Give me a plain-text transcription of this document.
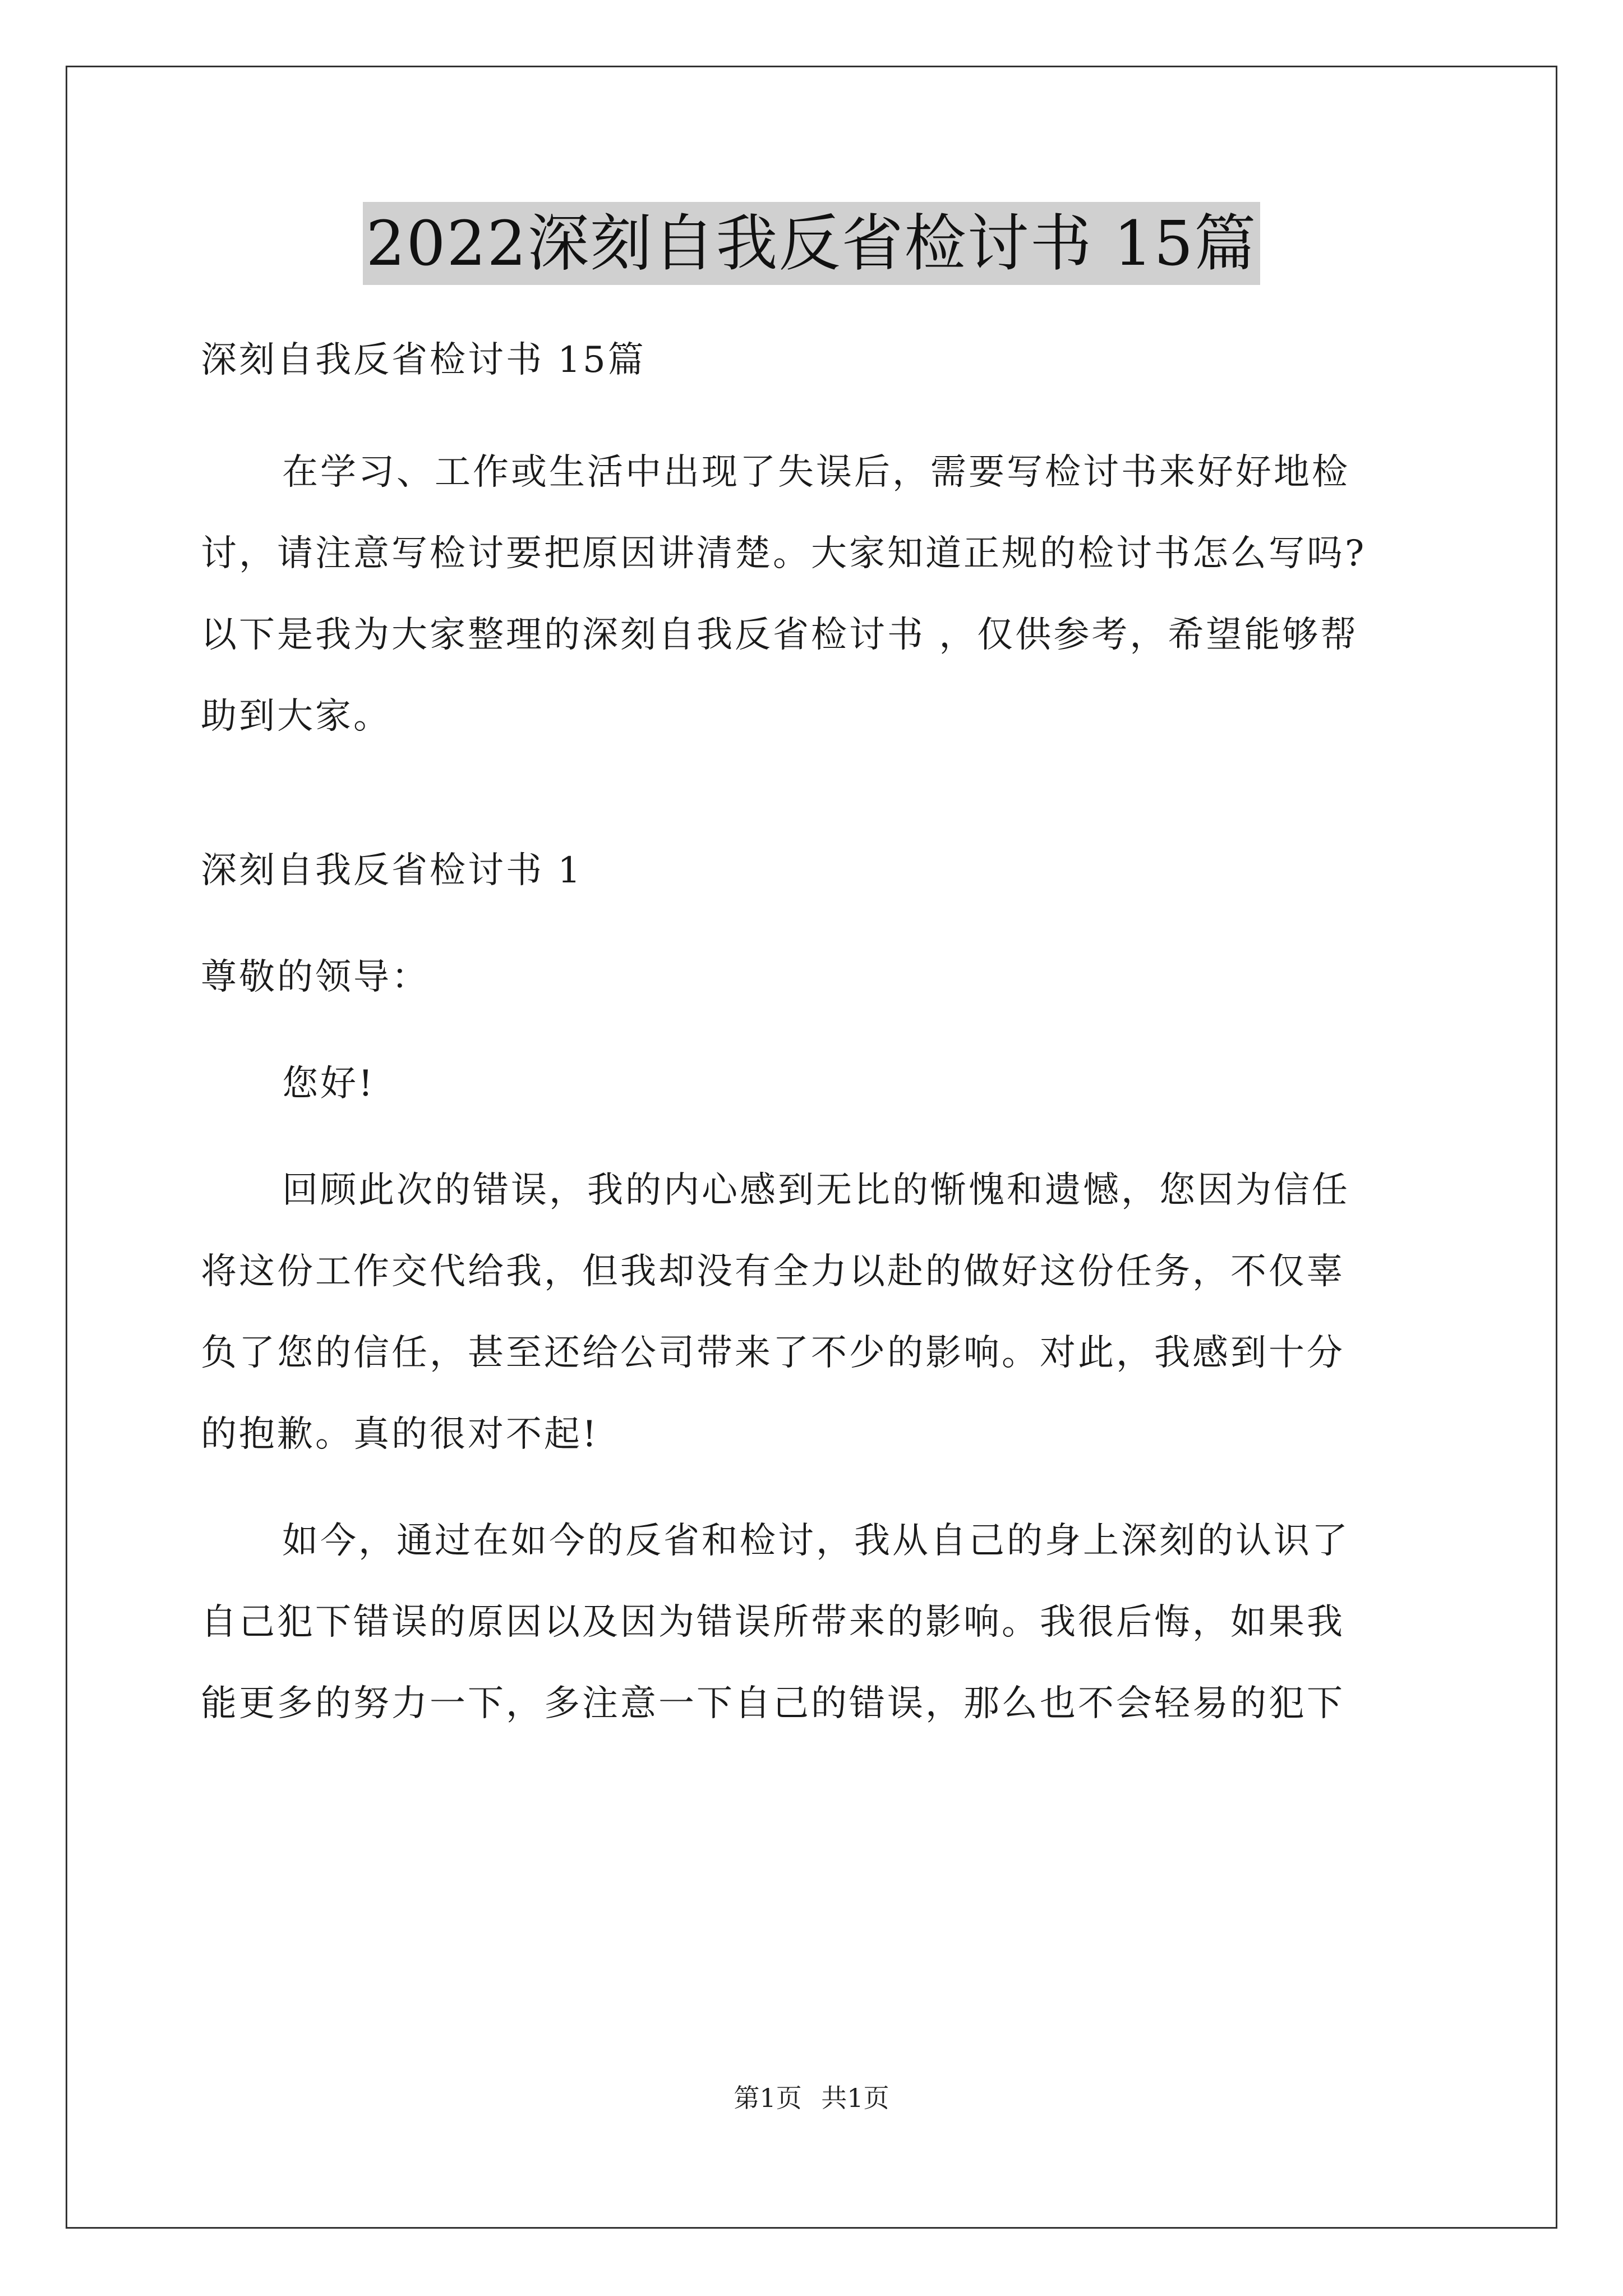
2022深刻自我反省检讨书 15篇
深刻自我反省检讨书 15篇
在学习、工作或生活中出现了失误后，需要写检讨书来好好地检
讨，请注意写检讨要把原因讲清楚。大家知道正规的检讨书怎么写吗?
以下是我为大家整理的深刻自我反省检讨书 ，仅供参考，希望能够帮
助到大家。
深刻自我反省检讨书 1
尊敬的领导：
您好!
回顾此次的错误，我的内心感到无比的惭愧和遗憾，您因为信任
将这份工作交代给我，但我却没有全力以赴的做好这份任务，不仅辜
负了您的信任，甚至还给公司带来了不少的影响。对此，我感到十分
的抱歉。真的很对不起!
如今，通过在如今的反省和检讨，我从自己的身上深刻的认识了
自己犯下错误的原因以及因为错误所带来的影响。我很后悔，如果我
能更多的努力一下，多注意一下自己的错误，那么也不会轻易的犯下
第1页 共1页
